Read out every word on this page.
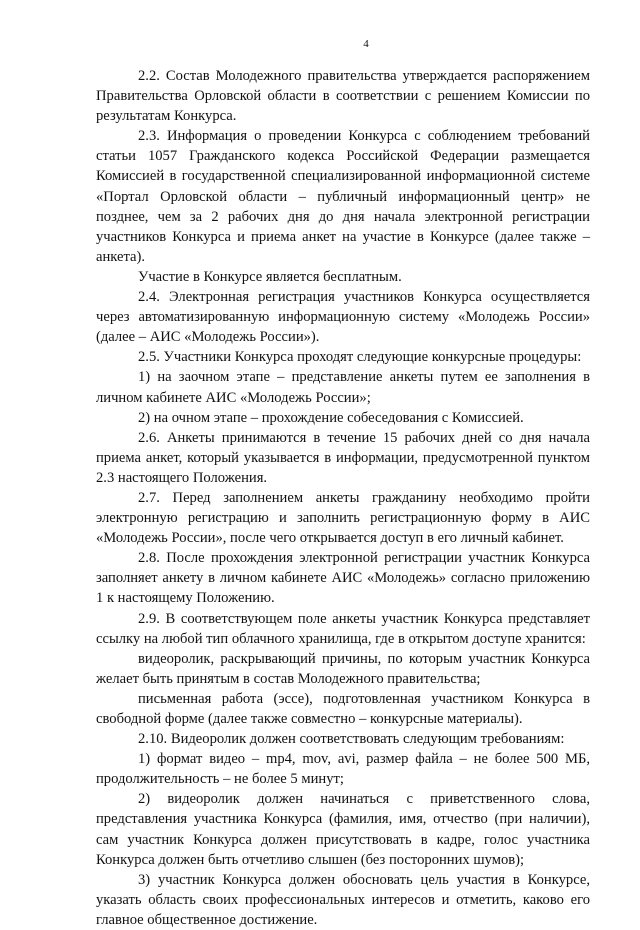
4

2.2. Состав Молодежного правительства утверждается распоряжением Правительства Орловской области в соответствии с решением Комиссии по результатам Конкурса.

2.3. Информация о проведении Конкурса с соблюдением требований статьи 1057 Гражданского кодекса Российской Федерации размещается Комиссией в государственной специализированной информационной системе «Портал Орловской области – публичный информационный центр» не позднее, чем за 2 рабочих дня до дня начала электронной регистрации участников Конкурса и приема анкет на участие в Конкурсе (далее также – анкета).

Участие в Конкурсе является бесплатным.

2.4. Электронная регистрация участников Конкурса осуществляется через автоматизированную информационную систему «Молодежь России» (далее – АИС «Молодежь России»).

2.5. Участники Конкурса проходят следующие конкурсные процедуры:

1) на заочном этапе – представление анкеты путем ее заполнения в личном кабинете АИС «Молодежь России»;

2) на очном этапе – прохождение собеседования с Комиссией.

2.6. Анкеты принимаются в течение 15 рабочих дней со дня начала приема анкет, который указывается в информации, предусмотренной пунктом 2.3 настоящего Положения.

2.7. Перед заполнением анкеты гражданину необходимо пройти электронную регистрацию и заполнить регистрационную форму в АИС «Молодежь России», после чего открывается доступ в его личный кабинет.

2.8. После прохождения электронной регистрации участник Конкурса заполняет анкету в личном кабинете АИС «Молодежь» согласно приложению 1 к настоящему Положению.

2.9. В соответствующем поле анкеты участник Конкурса представляет ссылку на любой тип облачного хранилища, где в открытом доступе хранится:

видеоролик, раскрывающий причины, по которым участник Конкурса желает быть принятым в состав Молодежного правительства;

письменная работа (эссе), подготовленная участником Конкурса в свободной форме (далее также совместно – конкурсные материалы).

2.10. Видеоролик должен соответствовать следующим требованиям:

1) формат видео – mp4, mov, avi, размер файла – не более 500 МБ, продолжительность – не более 5 минут;

2) видеоролик должен начинаться с приветственного слова, представления участника Конкурса (фамилия, имя, отчество (при наличии), сам участник Конкурса должен присутствовать в кадре, голос участника Конкурса должен быть отчетливо слышен (без посторонних шумов);

3) участник Конкурса должен обосновать цель участия в Конкурсе, указать область своих профессиональных интересов и отметить, каково его главное общественное достижение.
